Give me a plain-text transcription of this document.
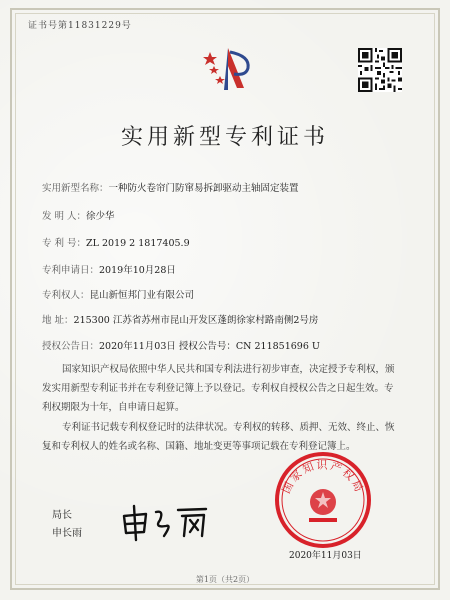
证书号第11831229号
实用新型专利证书
实用新型名称：一种防火卷帘门防窜易拆卸驱动主轴固定装置
发 明 人：徐少华
专 利 号：ZL 2019 2 1817405.9
专利申请日：2019年10月28日
专利权人：昆山新恒邦门业有限公司
地 址：215300 江苏省苏州市昆山开发区蓬朗徐家村路南侧2号房
授权公告日：2020年11月03日 授权公告号：CN 211851696 U
国家知识产权局依照中华人民共和国专利法进行初步审查，决定授予专利权，颁发实用新型专利证书并在专利登记簿上予以登记。专利权自授权公告之日起生效。专利权期限为十年，自申请日起算。
专利证书记载专利权登记时的法律状况。专利权的转移、质押、无效、终止、恢复和专利权人的姓名或名称、国籍、地址变更等事项记载在专利登记簿上。
局长
申长雨
国家知识产权局
2020年11月03日
第1页（共2页）
